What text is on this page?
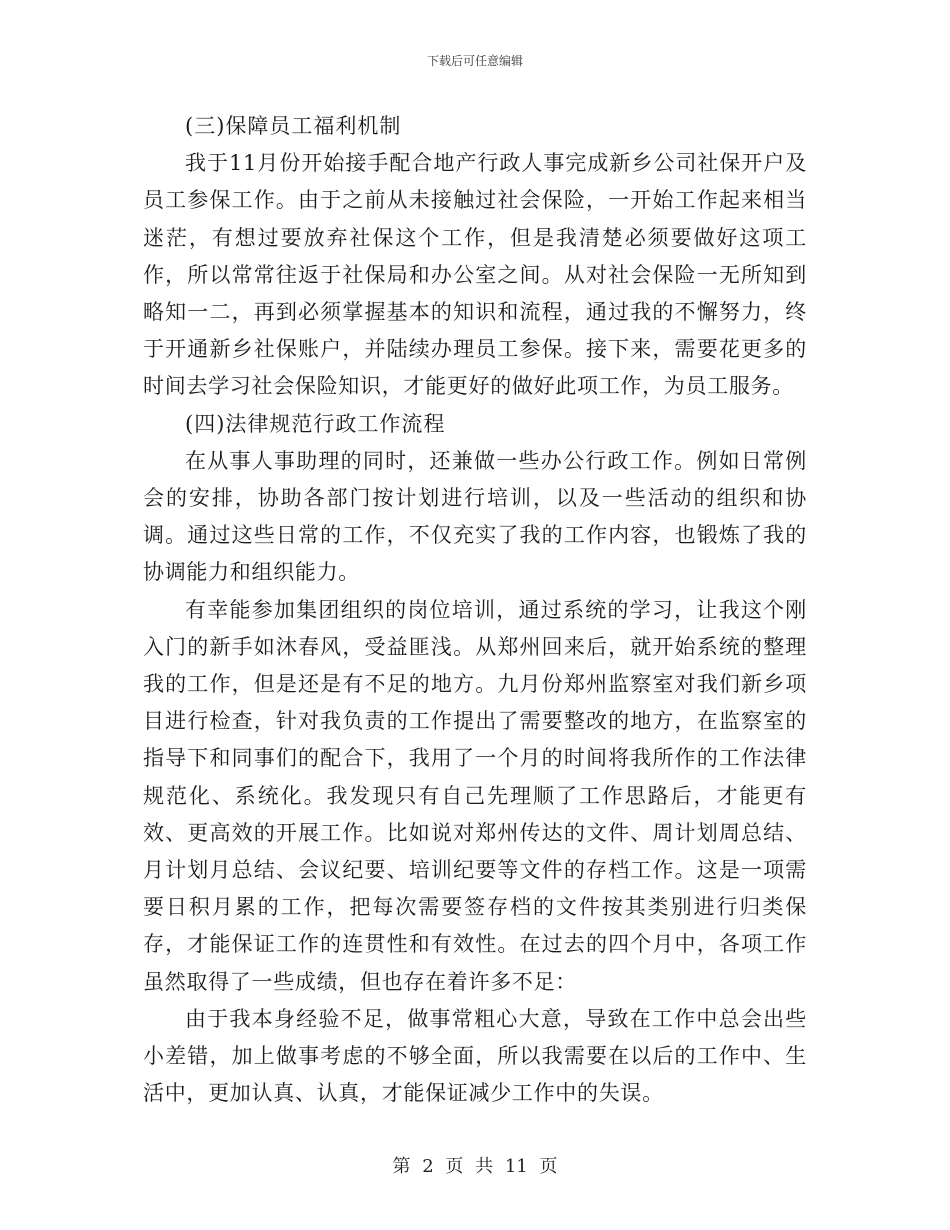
下载后可任意编辑

(三)保障员工福利机制

我于11月份开始接手配合地产行政人事完成新乡公司社保开户及员工参保工作。由于之前从未接触过社会保险，一开始工作起来相当迷茫，有想过要放弃社保这个工作，但是我清楚必须要做好这项工作，所以常常往返于社保局和办公室之间。从对社会保险一无所知到略知一二，再到必须掌握基本的知识和流程，通过我的不懈努力，终于开通新乡社保账户，并陆续办理员工参保。接下来，需要花更多的时间去学习社会保险知识，才能更好的做好此项工作，为员工服务。

(四)法律规范行政工作流程

在从事人事助理的同时，还兼做一些办公行政工作。例如日常例会的安排，协助各部门按计划进行培训，以及一些活动的组织和协调。通过这些日常的工作，不仅充实了我的工作内容，也锻炼了我的协调能力和组织能力。

有幸能参加集团组织的岗位培训，通过系统的学习，让我这个刚入门的新手如沐春风，受益匪浅。从郑州回来后，就开始系统的整理我的工作，但是还是有不足的地方。九月份郑州监察室对我们新乡项目进行检查，针对我负责的工作提出了需要整改的地方，在监察室的指导下和同事们的配合下，我用了一个月的时间将我所作的工作法律规范化、系统化。我发现只有自己先理顺了工作思路后，才能更有效、更高效的开展工作。比如说对郑州传达的文件、周计划周总结、月计划月总结、会议纪要、培训纪要等文件的存档工作。这是一项需要日积月累的工作，把每次需要签存档的文件按其类别进行归类保存，才能保证工作的连贯性和有效性。在过去的四个月中，各项工作虽然取得了一些成绩，但也存在着许多不足：

由于我本身经验不足，做事常粗心大意，导致在工作中总会出些小差错，加上做事考虑的不够全面，所以我需要在以后的工作中、生活中，更加认真、认真，才能保证减少工作中的失误。

第 2 页 共 11 页
